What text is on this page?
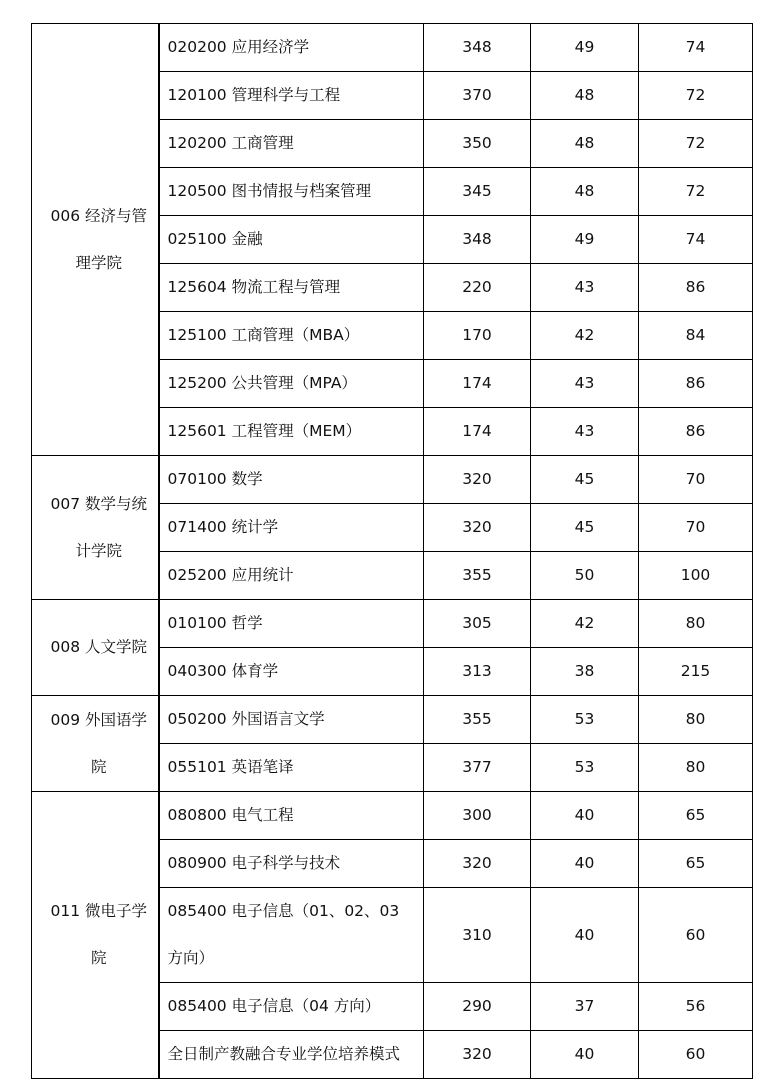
006 经济与管理学院	020200 应用经济学	348	49	74
	120100 管理科学与工程	370	48	72
	120200 工商管理	350	48	72
	120500 图书情报与档案管理	345	48	72
	025100 金融	348	49	74
	125604 物流工程与管理	220	43	86
	125100 工商管理（MBA）	170	42	84
	125200 公共管理（MPA）	174	43	86
	125601 工程管理（MEM）	174	43	86

007 数学与统计学院	070100 数学	320	45	70
	071400 统计学	320	45	70
	025200 应用统计	355	50	100

008 人文学院	010100 哲学	305	42	80
	040300 体育学	313	38	215

009 外国语学院	050200 外国语言文学	355	53	80
	055101 英语笔译	377	53	80

011 微电子学院	080800 电气工程	300	40	65
	080900 电子科学与技术	320	40	65
	085400 电子信息（01、02、03 方向）	310	40	60
	085400 电子信息（04 方向）	290	37	56
	全日制产教融合专业学位培养模式	320	40	60
